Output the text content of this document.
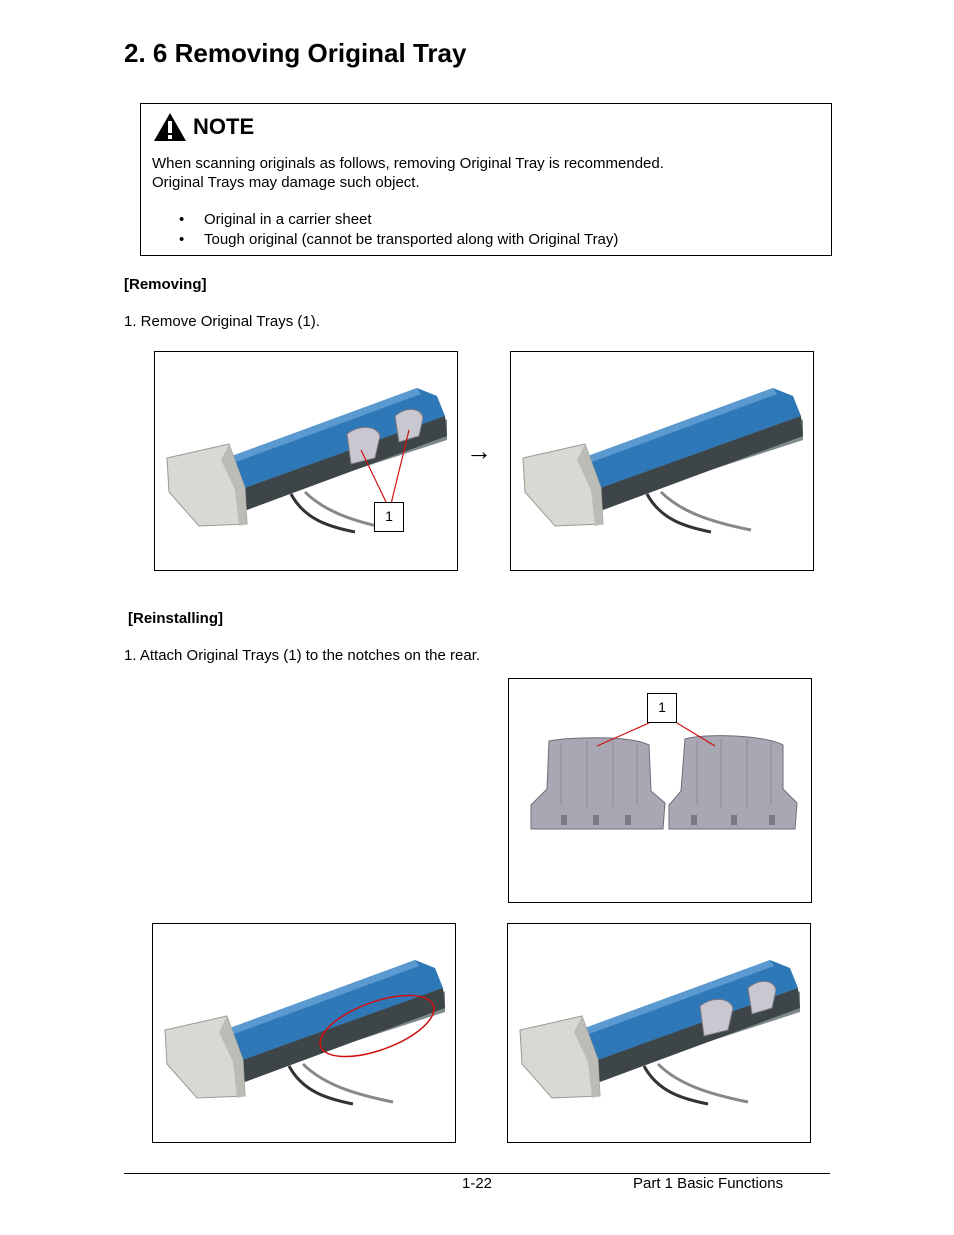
2. 6 Removing Original Tray
NOTE

When scanning originals as follows, removing Original Tray is recommended.

Original Trays may damage such object.

• Original in a carrier sheet
• Tough original (cannot be transported along with Original Tray)

[Removing]

1. Remove Original Trays (1).

1
→

[Reinstalling]

1. Attach Original Trays (1) to the notches on the rear.

1
1-22	Part 1 Basic Functions
